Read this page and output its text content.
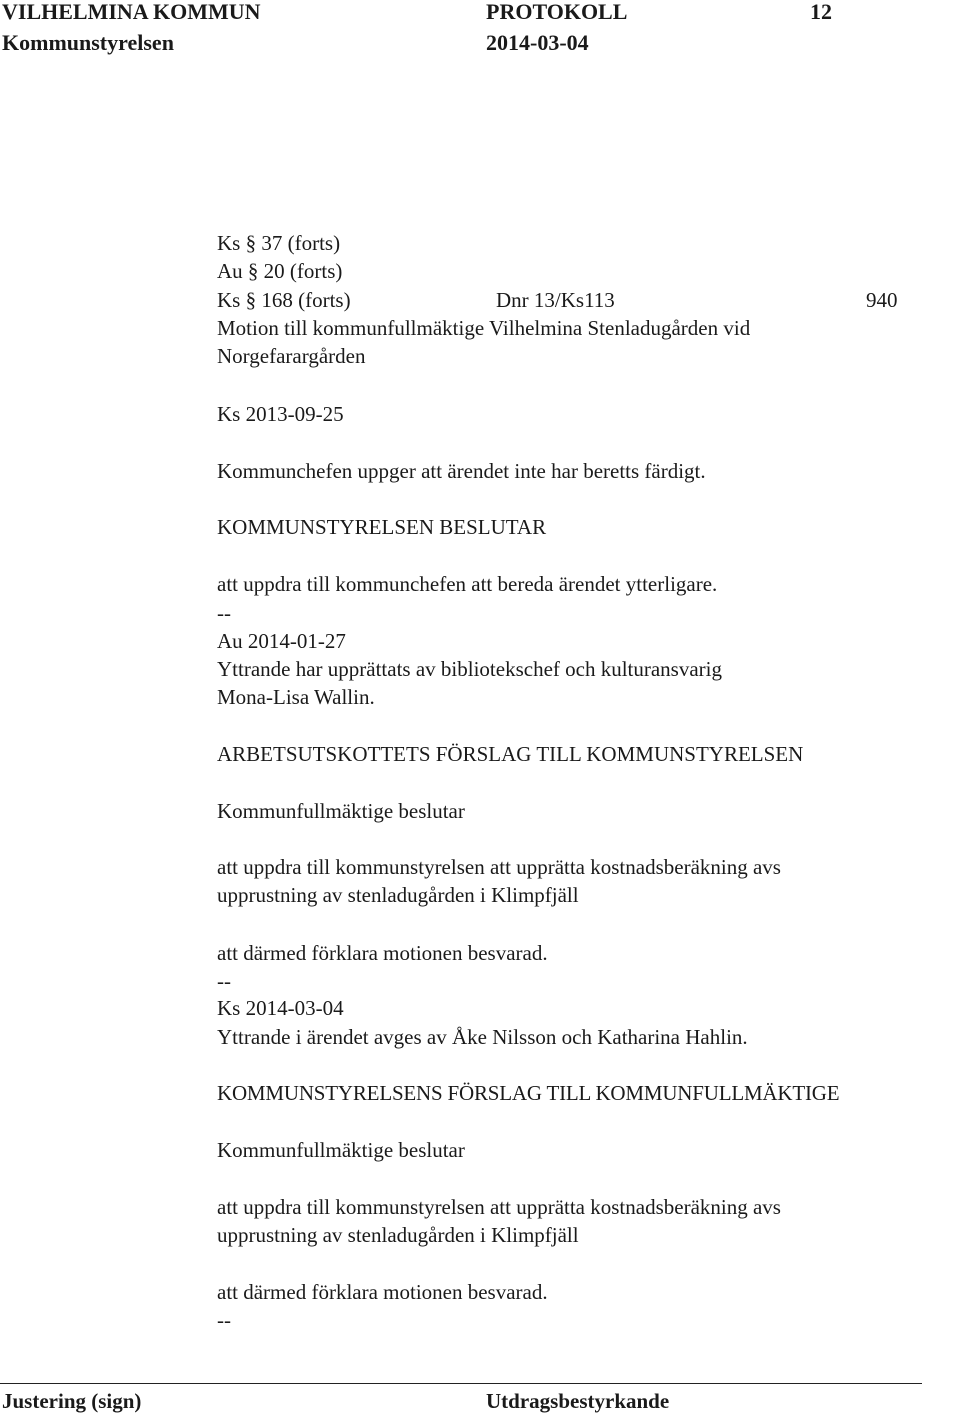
VILHELMINA KOMMUN	PROTOKOLL	12
Kommunstyrelsen	2014-03-04
Ks § 37 (forts)
Au § 20 (forts)
Ks § 168 (forts)	Dnr 13/Ks113	940
Motion till kommunfullmäktige Vilhelmina Stenladugården vid
Norgefarargården
Ks 2013-09-25
Kommunchefen uppger att ärendet inte har beretts färdigt.
KOMMUNSTYRELSEN BESLUTAR
att uppdra till kommunchefen att bereda ärendet ytterligare.
--
Au 2014-01-27
Yttrande har upprättats av bibliotekschef och kulturansvarig
Mona-Lisa Wallin.
ARBETSUTSKOTTETS FÖRSLAG TILL KOMMUNSTYRELSEN
Kommunfullmäktige beslutar
att uppdra till kommunstyrelsen att upprätta kostnadsberäkning avs
upprustning av stenladugården i Klimpfjäll
att därmed förklara motionen besvarad.
--
Ks 2014-03-04
Yttrande i ärendet avges av Åke Nilsson och Katharina Hahlin.
KOMMUNSTYRELSENS FÖRSLAG TILL KOMMUNFULLMÄKTIGE
Kommunfullmäktige beslutar
att uppdra till kommunstyrelsen att upprätta kostnadsberäkning avs
upprustning av stenladugården i Klimpfjäll
att därmed förklara motionen besvarad.
--
Justering (sign)	Utdragsbestyrkande
